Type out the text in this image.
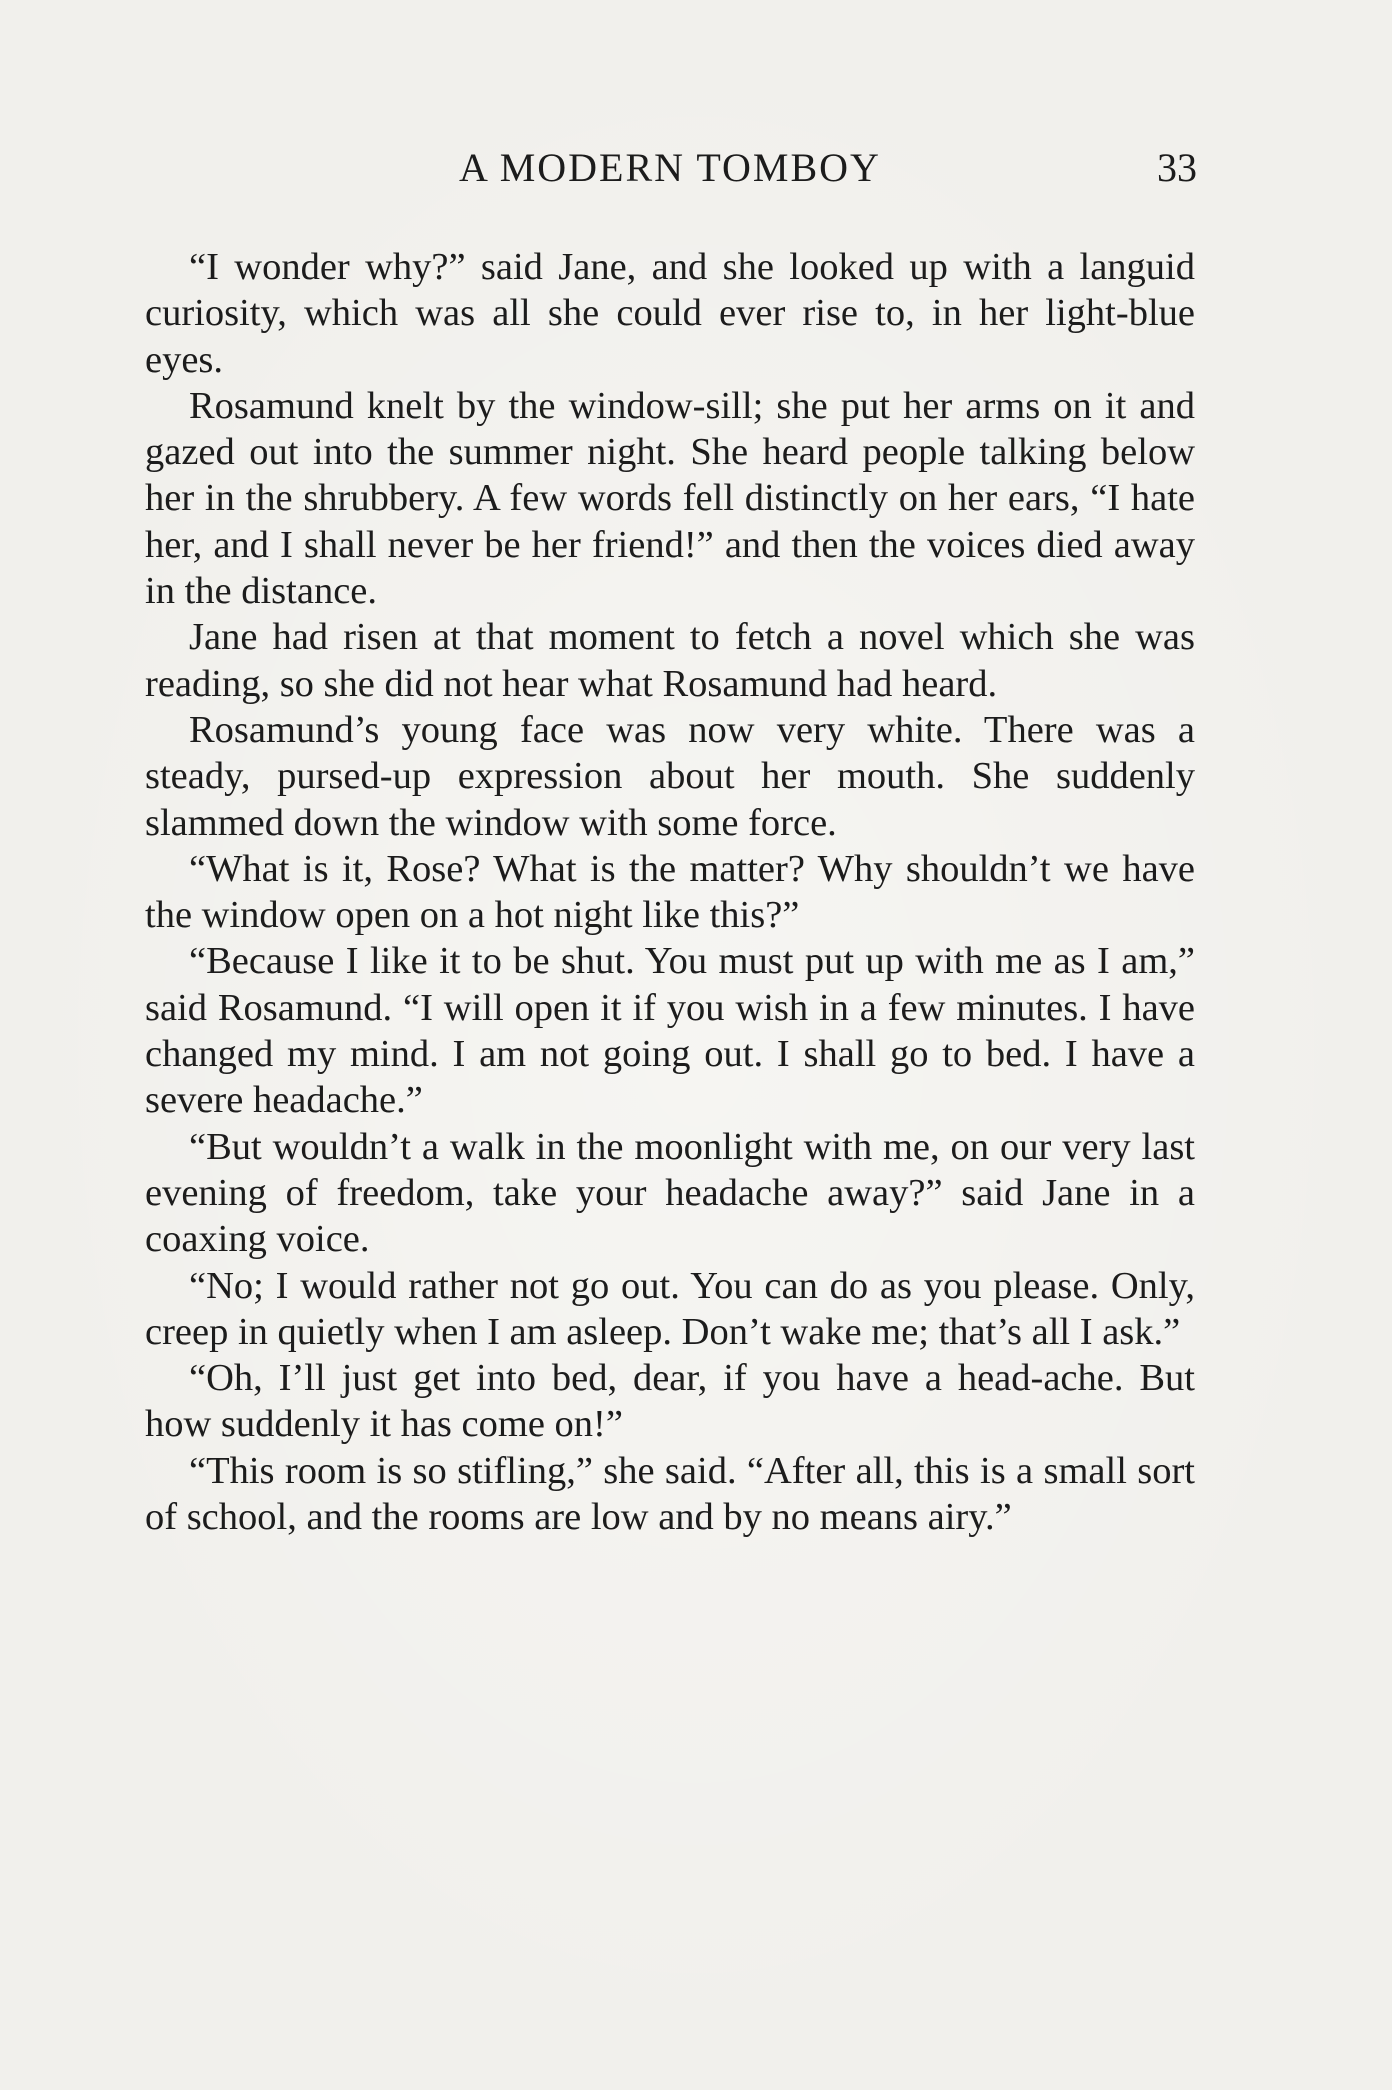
A MODERN TOMBOY	33

“I wonder why?” said Jane, and she looked up with a languid curiosity, which was all she could ever rise to, in her light-blue eyes.

Rosamund knelt by the window-sill; she put her arms on it and gazed out into the summer night. She heard people talking below her in the shrubbery. A few words fell distinctly on her ears, “I hate her, and I shall never be her friend!” and then the voices died away in the distance.

Jane had risen at that moment to fetch a novel which she was reading, so she did not hear what Rosamund had heard.

Rosamund’s young face was now very white. There was a steady, pursed-up expression about her mouth. She suddenly slammed down the window with some force.

“What is it, Rose? What is the matter? Why shouldn’t we have the window open on a hot night like this?”

“Because I like it to be shut. You must put up with me as I am,” said Rosamund. “I will open it if you wish in a few minutes. I have changed my mind. I am not going out. I shall go to bed. I have a severe headache.”

“But wouldn’t a walk in the moonlight with me, on our very last evening of freedom, take your headache away?” said Jane in a coaxing voice.

“No; I would rather not go out. You can do as you please. Only, creep in quietly when I am asleep. Don’t wake me; that’s all I ask.”

“Oh, I’ll just get into bed, dear, if you have a head-ache. But how suddenly it has come on!”

“This room is so stifling,” she said. “After all, this is a small sort of school, and the rooms are low and by no means airy.”
